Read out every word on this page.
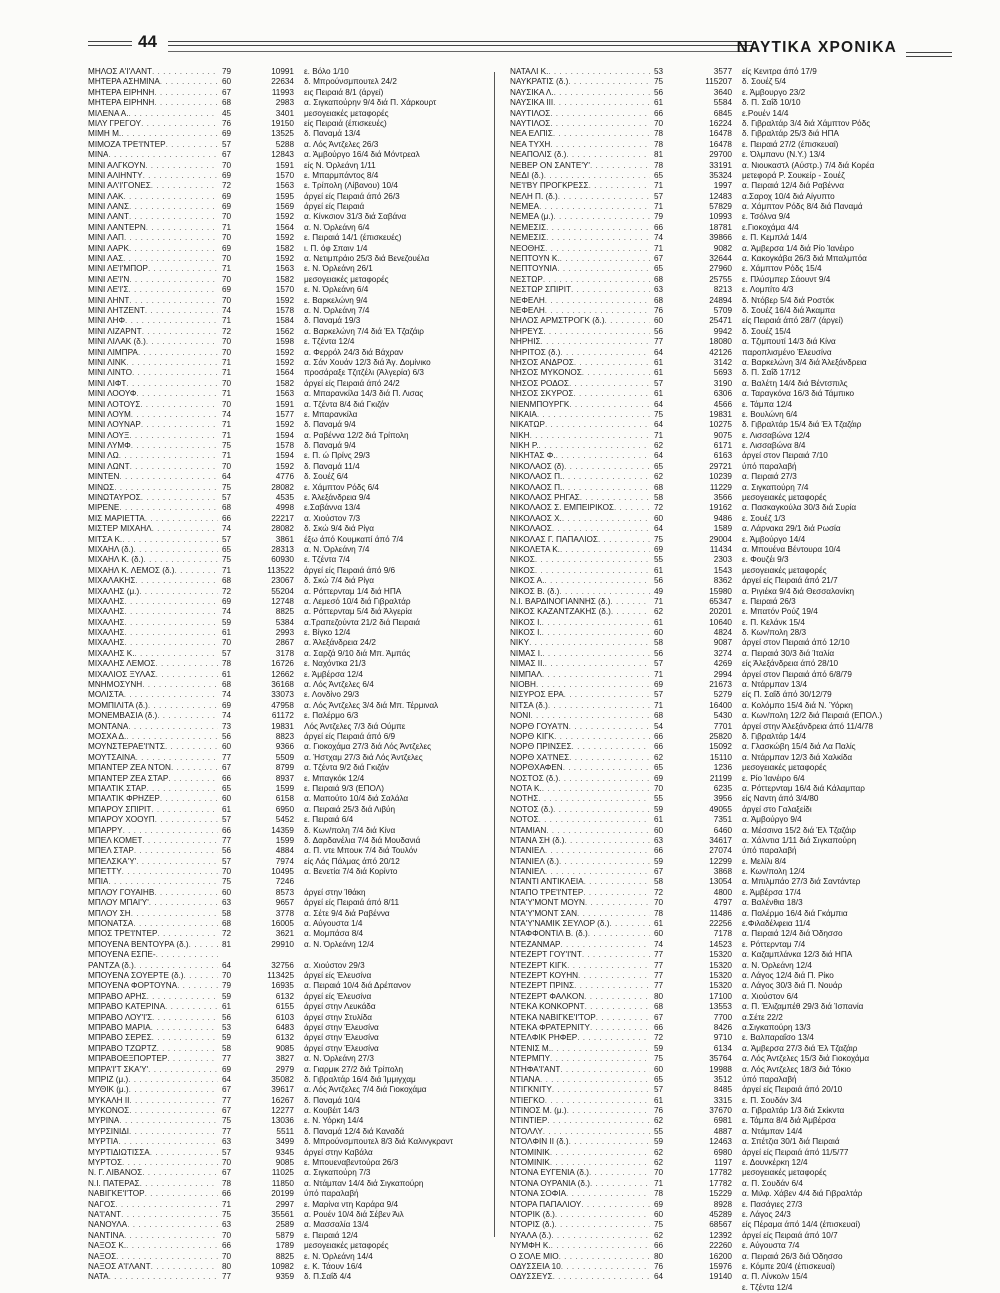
44	ΝΑΥΤΙΚΑ ΧΡΟΝΙΚΑ
ΜΗΛΟΣ Α'Ι'ΛΑΝΤ . . .	79	10991	ε. Βόλο 1/10
ΜΗΤΕΡΑ ΑΣΗΜΙΝΑ . . .	60	22634	δ. Μπρούνσμπουτελ 24/2
ΜΗΤΕΡΑ ΕΙΡΗΝΗ . . .	67	11993	εις Πειραιά 8/1 (άργεί)
ΜΗΤΕΡΑ ΕΙΡΗΝΗ . . .	68	2983	α. Σιγκαπούρην 9/4 διά Π. Χάρκουρτ
ΜΙΛΕΝΑ Α. . . .	45	3401	μεσογειακές μεταφορές
ΜΙΛΥ ΓΡΕΓΟΥ . . .	76	19150	είς Πειραιά (έπισκευές)
ΜΙΜΗ Μ. . . .	69	13525	δ. Παναμά 13/4
ΜΙΜΟΖΑ ΤΡΕ'Ι'ΝΤΕΡ . . .	57	5288	α. Λός Άντζελες 26/3
ΜΙΝΑ . . .	67	12843	α. Άμβούργο 16/4 διά Μόντρεαλ
ΜΙΝΙ ΑΛΓΚΟΥΝ . . .	70	1591	είς Ν. Όρλεάνη 1/11
ΜΙΝΙ ΑΛΙΗΝΤΥ . . .	69	1570	ε. Μπαρμπάντος 8/4
ΜΙΝΙ ΑΛ'Ι'ΓΟΝΕΣ . . .	72	1563	ε. Τρίπολη (Λίβανου) 10/4
ΜΙΝΙ ΛΑΚ . . .	69	1595	άργεί είς Πειραιά άπό 26/3
ΜΙΝΙ ΛΑΝΣ . . .	69	1569	άργεί είς Πειραιά
ΜΙΝΙ ΛΑΝΤ . . .	70	1592	α. Κίνκσιον 31/3 διά Σαβάνα
ΜΙΝΙ ΛΑΝΤΕΡΝ . . .	71	1564	α. Ν. Όρλεάνη 6/4
ΜΙΝΙ ΛΑΠ . . .	70	1592	ε. Πειραιά 14/1 (έπισκευές)
ΜΙΝΙ ΛΑΡΚ . . .	69	1582	ι. Π. όφ Σπαιν 1/4
ΜΙΝΙ ΛΑΣ . . .	70	1592	α. Νετιμπράιο 25/3 διά Βενεζουέλα
ΜΙΝΙ ΛΕ'Ι'ΜΠΟΡ . . .	71	1563	ε. Ν. Όρλεάνη 26/1
ΜΙΝΙ ΛΕ'Ι'Ν . . .	70	1582	μεσογειακές μεταφορές
ΜΙΝΙ ΛΕ'Ι'Σ . . .	69	1570	ε. Ν. Όρλεάνη 6/4
ΜΙΝΙ ΛΗΝΤ . . .	70	1592	ε. Βαρκελώνη 9/4
ΜΙΝΙ ΛΗΤΖΕΝΤ . . .	74	1578	α. Ν. Όρλεάνη 7/4
ΜΙΝΙ ΛΗΦ . . .	71	1584	δ. Παναμά 19/3
ΜΙΝΙ ΛΙΖΑΡΝΤ . . .	72	1562	α. Βαρκελώνη 7/4 διά Έλ Τζαζάιρ
ΜΙΝΙ ΛΙΛΑΚ (δ.) . . .	70	1598	ε. Τζέντα 12/4
ΜΙΝΙ ΛΙΜΠΡΑ . . .	70	1592	α. Φερρόλ 24/3 διά Βάχραν
ΜΙΝΙ ΛΙΝΚ . . .	71	1592	α. Σάν Χουάν 12/3 διά Άγ. Δομίνικο
ΜΙΝΙ ΛΙΝΤΟ . . .	71	1564	προσάραξε Τζιτζέλι (Άλγερία) 6/3
ΜΙΝΙ ΛΙΦΤ . . .	70	1582	άργεί είς Πειραιά άπό 24/2
ΜΙΝΙ ΛΟΟΥΦ . . .	71	1563	α. Μπαρανκίλα 14/3 διά Π. Λισας
ΜΙΝΙ ΛΟΤΟΥΣ . . .	70	1591	α. Τζέντα 8/4 διά Γκιζάν
ΜΙΝΙ ΛΟΥΜ . . .	74	1577	ε. Μπαρανκίλα
ΜΙΝΙ ΛΟΥΝΑΡ . . .	71	1592	δ. Παναμά 9/4
ΜΙΝΙ ΛΟΥΞ . . .	71	1594	α. Ραβέννα 12/2 διά Τρίπολη
ΜΙΝΙ ΛΥΜΦ . . .	75	1578	δ. Παναμά 9/4
ΜΙΝΙ ΛΩ . . .	71	1594	ε. Π. ώ Πρίνς 29/3
ΜΙΝΙ ΛΩΝΤ . . .	70	1592	δ. Παναμά 11/4
ΜΙΝΤΕΝ . . .	64	4776	δ. Σουέζ 6/4
ΜΙΝΩΣ . . .	75	28082	ε. Χάμπτον Ρόδς 6/4
ΜΙΝΩΤΑΥΡΟΣ . . .	57	4535	ε. Άλεξάνδρεια 9/4
ΜΙΡΕΝΕ . . .	68	4998	ε.Σαβάννα 13/4
ΜΙΣ ΜΑΡΙΕΤΤΑ . . .	66	22217	α. Χιούστον 7/3
ΜΙΣΤΕΡ ΜΙΧΑΗΛ . . .	74	28082	δ. Σκώ 9/4 διά Ρίγα
ΜΙΤΣΑ Κ. . . .	57	3861	έξω άπό Κουμκαπί άπό 7/4
ΜΙΧΑΗΛ (δ.) . . .	65	28313	α. Ν. Όρλεάνη 7/4
ΜΙΧΑΗΛ Κ. (δ.) . . .	75	60930	ε. Τζέντα 7/4
ΜΙΧΑΗΛ Κ. ΛΕΜΟΣ (δ.) . . .	71	113522	άργεί είς Πειραιά άπό 9/6
ΜΙΧΑΛΑΚΗΣ . . .	68	23067	δ. Σκώ 7/4 διά Ρίγα
ΜΙΧΑΛΗΣ (μ.) . . .	72	55204	α. Ρόττερνταμ 1/4 διά ΗΠΑ
ΜΙΧΑΛΗΣ . . .	69	12748	α. Λεμεσό 10/4 διά Γιβραλτάρ
ΜΙΧΑΛΗΣ . . .	74	8825	α. Ρόττερνταμ 5/4 διά Άλγερία
ΜΙΧΑΛΗΣ . . .	59	5384	α.Τραπεζούντα 21/2 διά Πειραιά
ΜΙΧΑΛΗΣ . . .	61	2993	ε. Βίγκο 12/4
ΜΙΧΑΛΗΣ . . .	70	2867	α. Άλεξάνδρεια 24/2
ΜΙΧΑΛΗΣ Κ. . . .	57	3178	α. Σαρζά 9/10 διά Μπ. Άμπάς
ΜΙΧΑΛΗΣ ΛΕΜΟΣ . . .	78	16726	ε. Ναχόντκα 21/3
ΜΙΧΑΛΙΟΣ ΞΥΛΑΣ . . .	61	12662	ε. Άμβέρσα 12/4
ΜΝΗΜΟΣΥΝΗ . . .	68	36168	α. Λός Άντζελες 6/4
ΜΟΛΙΣΤΑ . . .	74	33073	ε. Λονδίνο 29/3
ΜΟΜΠΙΛΙΤΑ (δ.) . . .	69	47958	α. Λός Άντζελες 3/4 διά Μπ. Τέρμιναλ
ΜΟΝΕΜΒΑΣΙΑ (δ.) . . .	74	61172	ε. Παλέρμο 6/3
ΜΟΝΤΑΝΑ . . .	73	19831	Λός Άντζελες 7/3 διά Ούμπε
ΜΟΣΧΑ Δ. . . .	56	8823	άργεί είς Πειραιά άπό 6/9
ΜΟΥΝΣΤΕΡΑΕ'Ι'ΝΤΣ . . .	60	9366	α. Γιοκοχάμα 27/3 διά Λός Άντζελες
ΜΟΥΤΣΑΙΝΑ . . .	77	5509	α. Ήστχαμ 27/3 διά Λός Άντζελες
ΜΠΑΝΤΕΡ ΖΕΑ ΝΤΟΝ . . .	67	8799	α. Τζέντα 9/2 διά Γκιζάν
ΜΠΑΝΤΕΡ ΖΕΑ ΣΤΑΡ . . .	66	8937	ε. Μπαγκόκ 12/4
ΜΠΑΛΤΙΚ ΣΤΑΡ . . .	65	1599	ε. Πειραιά 9/3 (ΕΠΟΛ)
ΜΠΑΛΤΙΚ ΦΡΗΖΕΡ . . .	60	6158	α. Μαπούτο 10/4 διά Σαλάλα
ΜΠΑΡΟΥ ΣΠΙΡΙΤ . . .	61	6950	α. Πειραιά 25/3 διά Λιβύη
ΜΠΑΡΟΥ ΧΟΟΥΠ . . .	57	5452	ε. Πειραιά 6/4
ΜΠΑΡΡΥ . . .	66	14359	δ. Κων/πολη 7/4 διά Κίνα
ΜΠΕΛ ΚΟΜΕΤ . . .	77	1599	δ. Δαρδανέλια 7/4 διά Μουδανιά
ΜΠΕΛ ΣΤΑΡ . . .	56	4884	α. Π. ντε Μπουκ 7/4 διά Τουλόν
ΜΠΕΛΣΚΑ'Υ' . . .	57	7974	είς Λάς Πάλμας άπό 20/12
ΜΠΕΤΤΥ . . .	70	10495	α. Βενετία 7/4 διά Κορίντο
ΜΠΙΑ . . .	75	7246
ΜΠΛΟΥ ΓΟΥΑΙΗΒ . . .	60	8573	άργεί στην Ίθάκη
ΜΠΛΟΥ ΜΠΑΙ'Υ' . . .	63	9657	άργεί είς Πειραιά άπό 8/11
ΜΠΛΟΥ ΣΗ . . .	58	3778	α. Σέτε 9/4 διά Ραβέννα
ΜΠΟΝΑΤΣΑ . . .	68	16005	α. Αύγουστα 1/4
ΜΠΟΣ ΤΡΕ'Ι'ΝΤΕΡ . . .	72	3621	α. Μομπάσα 8/4
ΜΠΟΥΕΝΑ ΒΕΝΤΟΥΡΑ (δ.) . . .	81	29910	α. Ν. Όρλεάνη 12/4
ΜΠΟΥΕΝΑ ΕΣΠΕ-
. . .
ΡΑΝΤΖΑ (δ.) . . .	64	32756	α. Χιούστον 29/3
ΜΠΟΥΕΝΑ ΣΟΥΕΡΤΕ (δ.) . . .	70	113425	άργεί είς Έλευσίνα
ΜΠΟΥΕΝΑ ΦΟΡΤΟΥΝΑ . . .	79	16935	α. Πειραιά 10/4 διά Δρέπανον
ΜΠΡΑΒΟ ΑΡΗΣ . . .	59	6132	άργεί είς Έλευσίνα
ΜΠΡΑΒΟ ΚΑΤΕΡΙΝΑ . . .	61	6155	άργεί στην Λευκάδα
ΜΠΡΑΒΟ ΛΟΥ'Ι'Σ . . .	56	6103	άργεί στην Στυλίδα
ΜΠΡΑΒΟ ΜΑΡΙΑ . . .	53	6483	άργεί στην Έλευσίνα
ΜΠΡΑΒΟ ΣΕΡΕΣ . . .	59	6132	άργεί στην Έλευσίνα
ΜΠΡΑΒΟ ΤΖΩΡΤΖ . . .	58	9085	άργεί στην Έλευσίνα
ΜΠΡΑΒΟΕΞΠΟΡΤΕΡ . . .	77	3827	α. Ν. Όρλεάνη 27/3
ΜΠΡΑ'Ι'Τ ΣΚΑ'Υ' . . .	69	2979	α. Γιαρμικ 27/2 διά Τρίπολη
ΜΠΡΙΖ (μ.) . . .	64	35082	δ. Γιβραλτάρ 16/4 διά Ίμμιγχαμ
ΜΥΘΙΚ (μ.) . . .	67	39617	α. Λός Άντζελες 7/4 διά Γιοκοχάμα
ΜΥΚΑΛΗ ΙΙ . . .	77	16267	δ. Παναμά 10/4
ΜΥΚΟΝΟΣ . . .	67	12277	α. Κουβέιτ 14/3
ΜΥΡΙΝΑ . . .	75	13036	ε. Ν. Υόρκη 14/4
ΜΥΡΣΙΝΙΔΙ . . .	77	5511	δ. Παναμά 12/4 διά Καναδά
ΜΥΡΤΙΑ . . .	63	3499	δ. Μπρούνσμπουτελ 8/3 διά Καλινγκραντ
ΜΥΡΤΙΔΙΩΤΙΣΣΑ . . .	57	9345	άργεί στην Καβάλα
ΜΥΡΤΟΣ . . .	70	9085	ε. Μπουεναβεντούρα 26/3
Ν. Γ. ΛΙΒΑΝΟΣ . . .	67	11025	α. Σιγκαπούρη 7/3
Ν.Ι. ΠΑΤΕΡΑΣ . . .	78	11850	α. Ντάμπαν 14/4 διά Σιγκαπούρη
ΝΑΒΙΓΚΕ'Ι'ΤΟΡ . . .	66	20199	ύπό παραλαβή
ΝΑΓΟΣ . . .	71	2997	ε. Μαρίνα ντη Καράρα 9/4
ΝΑ'Ι'ΑΝΤ . . .	75	35561	α. Ρουέν 10/4 διά Σέβεν Άιλ
ΝΑΝΟΥΛΑ . . .	63	2589	α. Μασσαλία 13/4
ΝΑΝΤΙΝΑ . . .	70	5879	ε. Πειραιά 12/4
ΝΑΞΟΣ Κ. . . .	66	1789	μεσογειακές μεταφορές
ΝΑΞΟΣ . . .	70	8825	ε. Ν. Όρλεάνη 14/4
ΝΑΞΟΣ Α'Ι'ΛΑΝΤ . . .	80	10982	ε. Κ. Τάουν 16/4
ΝΑΤΑ . . .	77	9359	δ. Π.Σαΐδ 4/4
ΝΑΤΑΛΙ Κ. . . .	53	3577	είς Κενιτρα άπό 17/9
ΝΑΥΚΡΑΤΙΣ (δ.) . . .	75	115207	δ. Σουέζ 5/4
ΝΑΥΣΙΚΑ Λ. . . .	56	3640	ε. Άμβουργο 23/2
ΝΑΥΣΙΚΑ ΙΙΙ . . .	61	5584	δ. Π. Σαΐδ 10/10
ΝΑΥΤΙΛΟΣ . . .	66	6845	ε.Ρουέν 14/4
ΝΑΥΤΙΛΟΣ . . .	70	16224	δ. Γιβραλτάρ 3/4 διά Χάμπτον Ρόδς
ΝΕΑ ΕΛΠΙΣ . . .	78	16478	δ. Γιβραλτάρ 25/3 διά ΗΠΑ
ΝΕΑ ΤΥΧΗ . . .	78	16478	ε. Πειραιά 27/2 (έπισκευαί)
ΝΕΑΠΟΛΙΣ (δ.) . . .	81	29700	ε. Όλμπανυ (Ν.Υ.) 13/4
ΝΕΒΕΡ ΟΝ ΣΑΝΤΕ'Υ' . . .	78	33191	α. Νιουκαστλ (Αύστρ.) 7/4 διά Κορέα
ΝΕΔΙ (δ.) . . .	65	35324	μετεφορά Ρ. Σουκείρ - Σουέζ
ΝΕ'Ι'ΒΥ ΠΡΟΓΚΡΕΣΣ . . .	71	1997	α. Πειραιά 12/4 διά Ραβέννα
ΝΕΛΗ Π. (δ.) . . .	57	12483	α.Σαροχ 10/4 διά Αίγυπτο
ΝΕΜΕΑ . . .	71	57829	α. Χάμπτον Ρόδς 8/4 διά Παναμά
ΝΕΜΕΑ (μ.) . . .	79	10993	ε. Τσόλνα 9/4
ΝΕΜΕΣΙΣ . . .	66	18781	ε.Γιοκοχάμα 4/4
ΝΕΜΕΣΙΣ . . .	74	39866	ε. Π. Κεμπλά 14/4
ΝΕΟΘΗΣ . . .	71	9082	α. Άμβερσα 1/4 διά Ρίο Ίανέιρο
ΝΕΠΤΟΥΝ Κ. . . .	67	32644	α. Κακογκάβα 26/3 διά Μπαλμπόα
ΝΕΠΤΟΥΝΙΑ . . .	65	27960	ε. Χάμπτον Ρόδς 15/4
ΝΕΣΤΩΡ . . .	68	25755	ε. Πλύσμπερ Σάουντ 9/4
ΝΕΣΤΩΡ ΣΠΙΡΙΤ . . .	63	8213	ε. Λομπίτο 4/3
ΝΕΦΕΛΗ . . .	68	24894	δ. Ντόβερ 5/4 διά Ροστόκ
ΝΕΦΕΛΗ . . .	76	5709	δ. Σουέζ 16/4 διά Άκαμπα
ΝΗΛΟΣ ΑΡΜΣΤΡΟΓΚ (δ.) . . .	60	25471	είς Πειραιά άπό 28/7 (άργεί)
ΝΗΡΕΥΣ . . .	56	9942	δ. Σουέζ 15/4
ΝΗΡΗΙΣ . . .	77	18080	α. Τζιμπουτί 14/3 διά Κίνα
ΝΗΡΙΤΟΣ (δ.) . . .	64	42126	παροπλισμένο Έλευσίνα
ΝΗΣΟΣ ΑΝΔΡΟΣ . . .	61	3142	α. Βαρκελώνη 3/4 διά Άλεξάνδρεια
ΝΗΣΟΣ ΜΥΚΟΝΟΣ . . .	61	5693	δ. Π. Σαΐδ 17/12
ΝΗΣΟΣ ΡΟΔΟΣ . . .	57	3190	α. Βαλέτη 14/4 διά Βέντσπιλς
ΝΗΣΟΣ ΣΚΥΡΟΣ . . .	61	6306	α. Ταραγκόνα 16/3 διά Τάμπικο
ΝΙΕΝΜΠΟΥΡΓΚ . . .	64	4566	ε. Τάμπα 12/4
ΝΙΚΑΙΑ . . .	75	19831	ε. Βουλώνη 6/4
ΝΙΚΑΤΩΡ . . .	64	10275	δ. Γιβραλτάρ 15/4 διά Έλ Τζαζάιρ
ΝΙΚΗ . . .	71	9075	ε. Λισσαβώνα 12/4
ΝΙΚΗ Ρ. . . .	62	6171	ε. Λισσαβώνα 8/4
ΝΙΚΗΤΑΣ Φ. . . .	64	6163	άργεί στον Πειραιά 7/10
ΝΙΚΟΛΑΟΣ (δ) . . .	65	29721	ύπό παραλαβή
ΝΙΚΟΛΑΟΣ Π. . . .	62	10239	α. Πειραιά 27/3
ΝΙΚΟΛΑΟΣ Π. . . .	68	11229	α. Σιγκαπούρη 7/4
ΝΙΚΟΛΑΟΣ ΡΗΓΑΣ . . .	58	3566	μεσογειακές μεταφορές
ΝΙΚΟΛΑΟΣ Σ. ΕΜΠΕΙΡΙΚΟΣ . . .	72	19162	α. Πασκαγκούλα 30/3 διά Συρία
ΝΙΚΟΛΑΟΣ Χ. . . .	60	9486	ε. Σουέζ 1/3
ΝΙΚΟΛΑΟΣ . . .	64	1589	α. Λάρνακα 29/1 διά Ρωσία
ΝΙΚΟΛΑΣ Γ. ΠΑΠΑΛΙΟΣ . . .	75	29004	ε. Άμβούργο 14/4
ΝΙΚΟΛΕΤΑ Κ. . . .	69	11434	α. Μπουένα Βέντουρα 10/4
ΝΙΚΟΣ . . .	55	2303	ε. Φουζέι 9/3
ΝΙΚΟΣ . . .	61	1543	μεσογειακές μεταφορές
ΝΙΚΟΣ Α. . . .	56	8362	άργεί είς Πειραιά άπό 21/7
ΝΙΚΟΣ Β. (δ.) . . .	49	15980	α. Ριγιέκα 9/4 διά Θεσσαλονίκη
Ν.Ι. ΒΑΡΔΙΝΟΓΙΑΝΝΗΣ (δ.) . . .	71	65347	ε. Πειραιά 26/3
ΝΙΚΟΣ ΚΑΖΑΝΤΖΑΚΗΣ (δ.) . . .	62	20201	ε. Μπατόν Ρούζ 19/4
ΝΙΚΟΣ Ι. . . .	61	10640	ε. Π. Κελάνκ 15/4
ΝΙΚΟΣ Ι. . . .	60	4824	δ. Κων/πολη 28/3
ΝΙΚΥ . . .	58	9087	άργεί στον Πειραιά άπό 12/10
ΝΙΜΑΣ Ι. . . .	56	3274	α. Πειραιά 30/3 διά Ίταλία
ΝΙΜΑΣ ΙΙ. . . .	57	4269	είς Άλεξάνδρεια άπό 28/10
ΝΙΜΠΑΛ . . .	71	2994	άργεί στον Πειραιά άπό 6/8/79
ΝΙΟΒΗ . . .	69	21673	α. Ντάρμπαν 13/4
ΝΙΣΥΡΟΣ ΕΡΑ . . .	57	5279	είς Π. Σαΐδ άπό 30/12/79
ΝΙΤΣΑ (δ.) . . .	71	16400	α. Κολόμπο 15/4 διά Ν. Ύόρκη
ΝΟΝΙ . . .	68	5430	α. Κων/πολη 12/2 διά Πειραιά (ΕΠΟΛ.)
ΝΟΡΘ ΓΟΥΑ'Ι'Ν . . .	54	7701	άργεί στην Άλεξάνδρεια άπό 11/4/78
ΝΟΡΘ ΚΙΓΚ . . .	66	25820	δ. Γιβραλτάρ 14/4
ΝΟΡΘ ΠΡΙΝΣΕΣ . . .	66	15092	α. Γλασκώβη 15/4 διά Λα Παλίς
ΝΟΡΘ ΧΑ'Ι'ΝΕΣ . . .	62	15110	α. Ντάρμπαν 12/3 διά Χαλκίδα
ΝΟΡΘΧΑΦΕΝ . . .	65	1236	μεσογειακές μεταφορές
ΝΟΣΤΟΣ (δ.) . . .	69	21199	ε. Ρίο Ίανέιρο 6/4
ΝΟΤΑ Κ. . . .	70	6235	α. Ρόττερνταμ 16/4 διά Κάλαμπαρ
ΝΟΤΗΣ . . .	55	3956	είς Ναντη άπό 3/4/80
ΝΟΤΟΣ (δ.) . . .	59	49055	άργεί στο Γαλαξείδι
ΝΟΤΟΣ . . .	61	7351	α. Άμβούργο 9/4
ΝΤΑΜΙΑΝ . . .	60	6460	α. Μέσσινα 15/2 διά Έλ Τζαζάιρ
ΝΤΑΝΑ ΣΗ (δ.) . . .	63	34617	α. Χάλντια 1/11 διά Σιγκαπούρη
ΝΤΑΝΙΕΛ . . .	66	27074	ύπό παραλαβή
ΝΤΑΝΙΕΛ (δ.) . . .	59	12299	ε. Μελίλι 8/4
ΝΤΑΝΙΕΛ . . .	67	3868	ε. Κων/πολη 12/4
ΝΤΑΝΤΙ ΑΝΤΙΚΛΕΙΑ . . .	58	13054	α. Μπιλμπάο 27/3 διά Σαντάντερ
ΝΤΑΠΟ ΤΡΕ'Ι'ΝΤΕΡ . . .	72	4800	ε. Άμβέρσα 17/4
ΝΤΑ'Υ'ΜΟΝΤ ΜΟΥΝ . . .	70	4797	α. Βαλένθια 18/3
ΝΤΑ'Υ'ΜΟΝΤ ΣΑΝ . . .	78	11486	α. Παλέρμο 16/4 διά Γκάμπια
ΝΤΑ'Υ'ΝΑΜΙΚ ΣΕΥΛΟΡ (δ.) . . .	61	22256	ε.Φιλαδέλφεια 11/4
ΝΤΑΦΦΟΝΤΙΛ Β. (δ.) . . .	60	7178	α. Πειραιά 12/4 διά Όδησσο
ΝΤΕΖΑΝΜΑΡ . . .	74	14523	ε. Ρόττερνταμ 7/4
ΝΤΕΖΕΡΤ ΓΟΥ'Ι'ΝΤ . . .	77	15320	α. Καζαμπλάνκα 12/3 διά ΗΠΑ
ΝΤΕΖΕΡΤ ΚΙΓΚ . . .	77	15320	α. Ν. Όρλεάνη 12/4
ΝΤΕΖΕΡΤ ΚΟΥΗΝ . . .	77	15320	α. Λάγος 12/4 διά Π. Ρίκο
ΝΤΕΖΕΡΤ ΠΡΙΝΣ . . .	77	15320	α. Λάγος 30/3 διά Π. Νουάρ
ΝΤΕΖΕΡΤ ΦΑΛΚΟΝ . . .	80	17100	α. Χιούστον 6/4
ΝΤΕΚΑ ΚΟΝΚΟΡΝΤ . . .	68	13553	α. Π. Έλιζαμπέθ 29/3 διά Ίσπανία
ΝΤΕΚΑ ΝΑΒΙΓΚΕ'Ι'ΤΟΡ . . .	67	7700	α.Σέτε 22/2
ΝΤΕΚΑ ΦΡΑΤΕΡΝΙΤΥ . . .	66	8426	α.Σιγκαπούρη 13/3
ΝΤΕΛΦΙΚ ΡΗΦΕΡ . . .	72	9710	ε. Βαλπαραΐσο 13/4
ΝΤΕΝΙΣ Μ. . . .	59	6134	α. Άμβερσα 27/3 διά Έλ Τζαζάιρ
ΝΤΕΡΜΠΥ . . .	75	35764	α. Λός Άντζελες 15/3 διά Γιοκοχάμα
ΝΤΗΦΑ'Ι'ΑΝΤ . . .	60	19988	α. Λός Άντζελες 18/3 διά Τόκιο
ΝΤΙΑΝΑ . . .	65	3512	ύπό παραλαβή
ΝΤΙΓΚΝΙΤΥ . . .	57	8485	άργεί είς Πειραιά άπό 20/10
ΝΤΙΕΓΚΟ . . .	61	3315	ε. Π. Σουδάν 3/4
ΝΤΙΝΟΣ Μ. (μ.) . . .	76	37670	α. Γιβραλτάρ 1/3 διά Σκίκντα
ΝΤΙΝΤΙΕΡ . . .	62	6981	ε. Τάμπα 8/4 διά Άμβέρσα
ΝΤΟΛΛΥ . . .	55	4887	α. Ντάμπαν 14/4
ΝΤΟΛΦΙΝ ΙΙ (δ.) . . .	59	12463	α. Σπέτζια 30/1 διά Πειραιά
ΝΤΟΜΙΝΙΚ . . .	62	6980	άργεί είς Πειραιά άπό 11/5/77
ΝΤΟΜΙΝΙΚ . . .	62	1197	ε. Δουνκέρκη 12/4
ΝΤΟΝΑ ΕΥΓΕΝΙΑ (δ.) . . .	70	17782	μεσογειακές μεταφορές
ΝΤΟΝΑ ΟΥΡΑΝΙΑ (δ.) . . .	71	17782	α. Π. Σουδάν 6/4
ΝΤΟΝΑ ΣΟΦΙΑ . . .	78	15229	α. Μιλφ. Χάβεν 4/4 διά Γιβραλτάρ
ΝΤΟΡΑ ΠΑΠΑΛΙΟΥ . . .	69	8928	ε. Πασάγιες 27/3
ΝΤΟΡΙΚ (δ.) . . .	60	45289	ε. Λάγος 24/3
ΝΤΟΡΙΣ (δ.) . . .	75	68567	είς Πέραμα άπό 14/4 (έπισκευαί)
ΝΥΑΛΑ (δ.) . . .	62	12392	άργεί είς Πειραιά άπό 10/7
ΝΥΜΦΗ Κ. . . .	66	22260	ε. Αύγουστα 7/4
Ο ΣΟΛΕ ΜΙΟ . . .	80	16200	α. Πειραιά 26/3 διά Όδησσο
ΟΔΥΣΣΕΙΑ 10 . . .	76	15976	ε. Κόμπε 20/4 (έπισκευαί)
ΟΔΥΣΣΕΥΣ . . .	64	19140	α. Π. Λίνκολν 15/4
ε. Τζέντα 12/4
